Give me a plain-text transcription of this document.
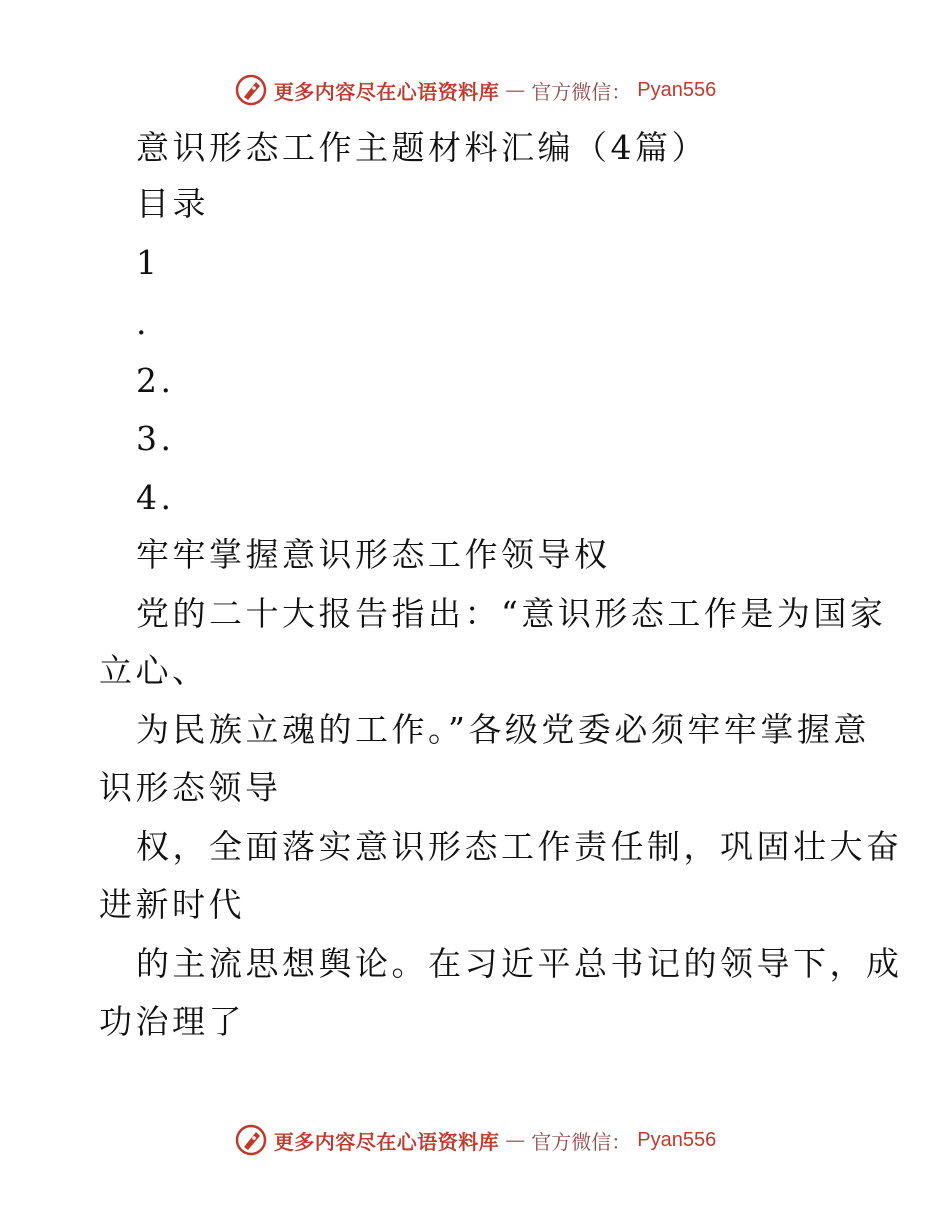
更多内容尽在心语资料库 — 官方微信： Pyan556
意识形态工作主题材料汇编（4篇）
目录
1
.
2.
3.
4.
牢牢掌握意识形态工作领导权
党的二十大报告指出：“意识形态工作是为国家
立心、
为民族立魂的工作。”各级党委必须牢牢掌握意
识形态领导
权，全面落实意识形态工作责任制，巩固壮大奋
进新时代
的主流思想舆论。在习近平总书记的领导下，成
功治理了
更多内容尽在心语资料库 — 官方微信： Pyan556
